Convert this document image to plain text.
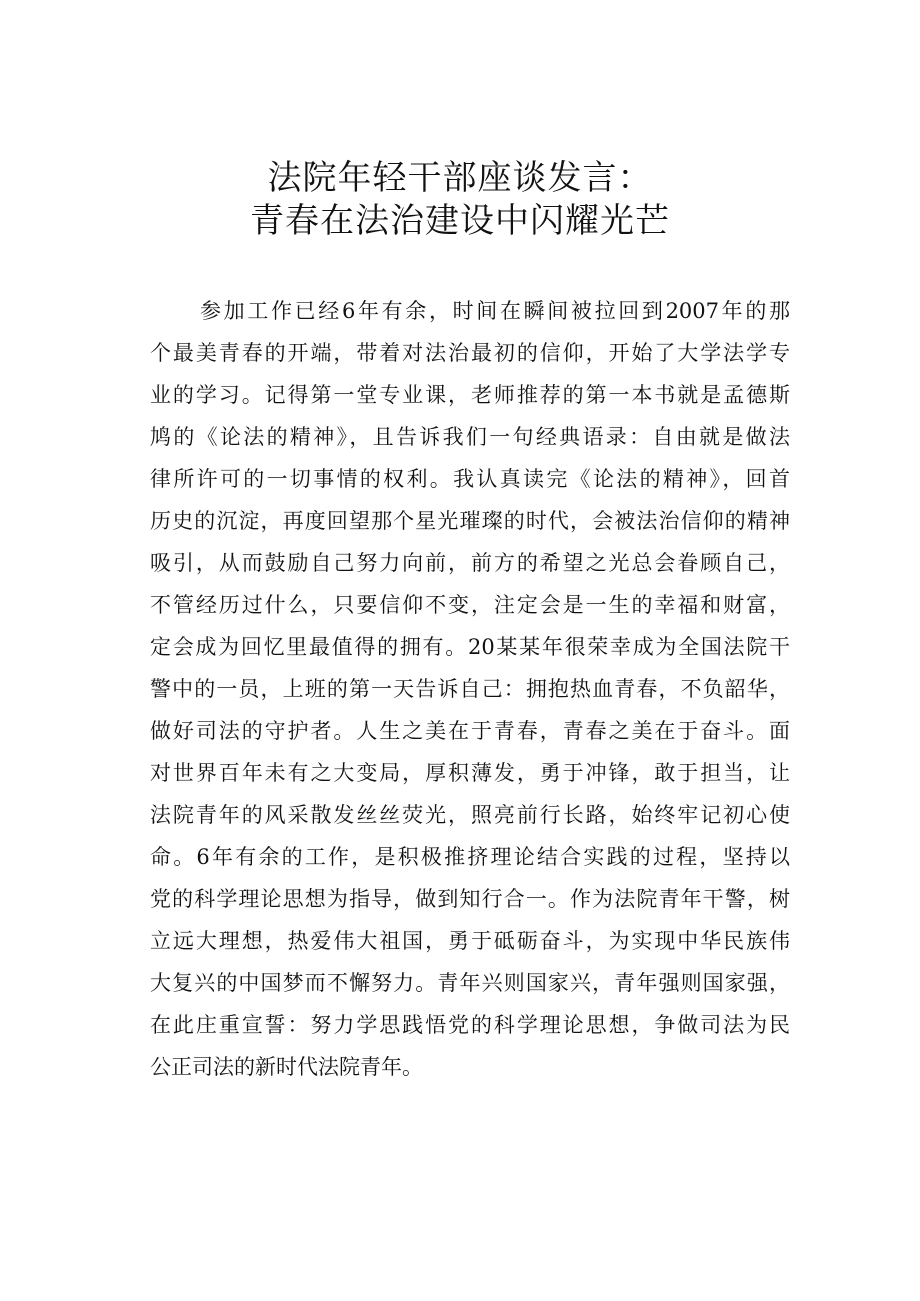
法院年轻干部座谈发言：
青春在法治建设中闪耀光芒
参加工作已经6年有余，时间在瞬间被拉回到2007年的那
个最美青春的开端，带着对法治最初的信仰，开始了大学法学专
业的学习。记得第一堂专业课，老师推荐的第一本书就是孟德斯
鸠的《论法的精神》，且告诉我们一句经典语录：自由就是做法
律所许可的一切事情的权利。我认真读完《论法的精神》，回首
历史的沉淀，再度回望那个星光璀璨的时代，会被法治信仰的精神
吸引，从而鼓励自己努力向前，前方的希望之光总会眷顾自己，
不管经历过什么，只要信仰不变，注定会是一生的幸福和财富，
定会成为回忆里最值得的拥有。20某某年很荣幸成为全国法院干
警中的一员，上班的第一天告诉自己：拥抱热血青春，不负韶华，
做好司法的守护者。人生之美在于青春，青春之美在于奋斗。面
对世界百年未有之大变局，厚积薄发，勇于冲锋，敢于担当，让
法院青年的风采散发丝丝荧光，照亮前行长路，始终牢记初心使
命。6年有余的工作，是积极推挤理论结合实践的过程，坚持以
党的科学理论思想为指导，做到知行合一。作为法院青年干警，树
立远大理想，热爱伟大祖国，勇于砥砺奋斗，为实现中华民族伟
大复兴的中国梦而不懈努力。青年兴则国家兴，青年强则国家强，
在此庄重宣誓：努力学思践悟党的科学理论思想，争做司法为民
公正司法的新时代法院青年。
